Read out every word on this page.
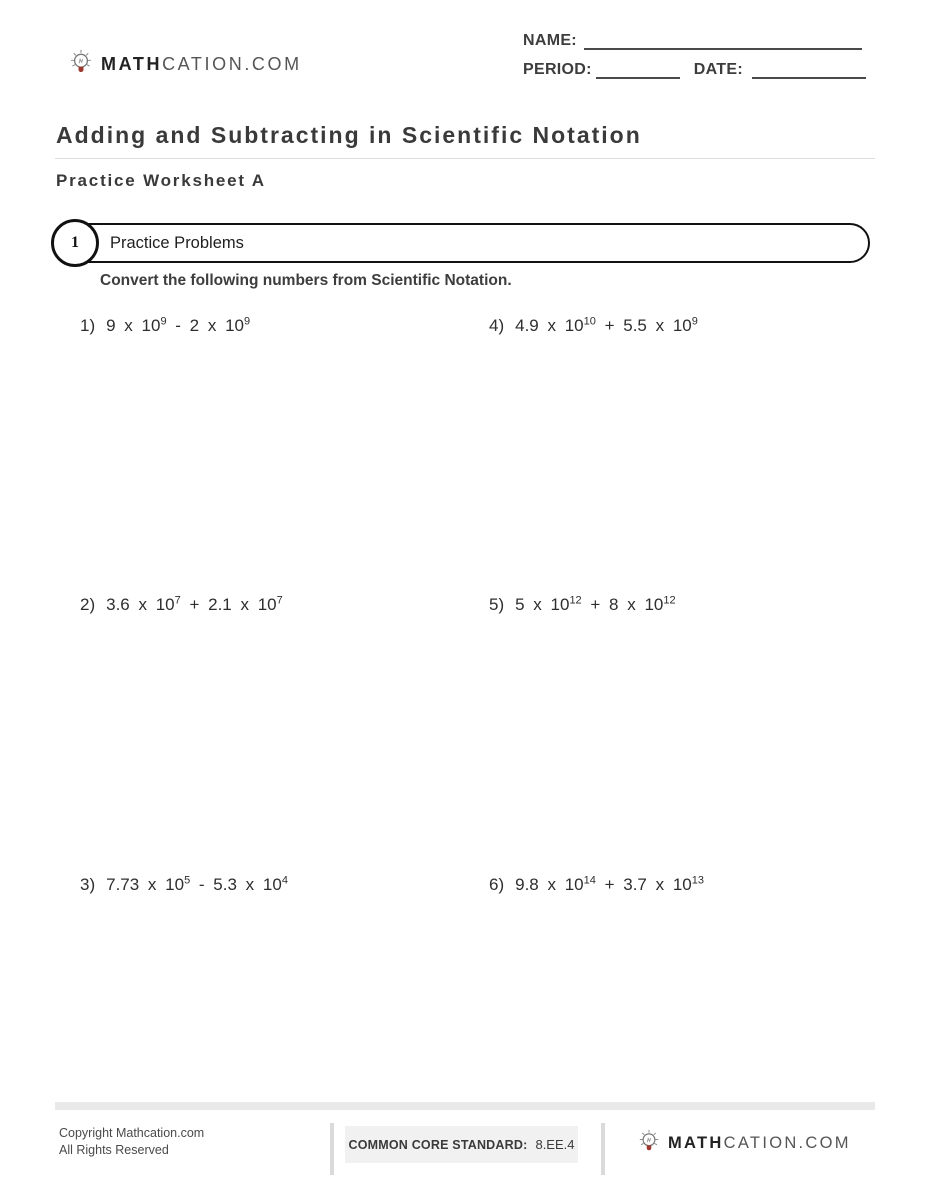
MATHCATION.COM
NAME:
PERIOD:	DATE:
Adding and Subtracting in Scientific Notation
Practice Worksheet A
Practice Problems
1
Convert the following numbers from Scientific Notation.
1) 9 x $10^9 - 2$ x $10^9$
2) 3.6 x $10^7 + 2.1$ x $10^7$
3) 7.73 x $10^5 - 5.3$ x $10^4$
4) 4.9 x $10^{10} + 5.5$ x $10^9$
5) 5 x $10^{12} + 8$ x $10^{12}$
6) 9.8 x $10^{14} + 3.7$ x $10^{13}$
Copyright Mathcation.com
All Rights Reserved	COMMON CORE STANDARD: 8.EE.4	MATHCATION.COM
